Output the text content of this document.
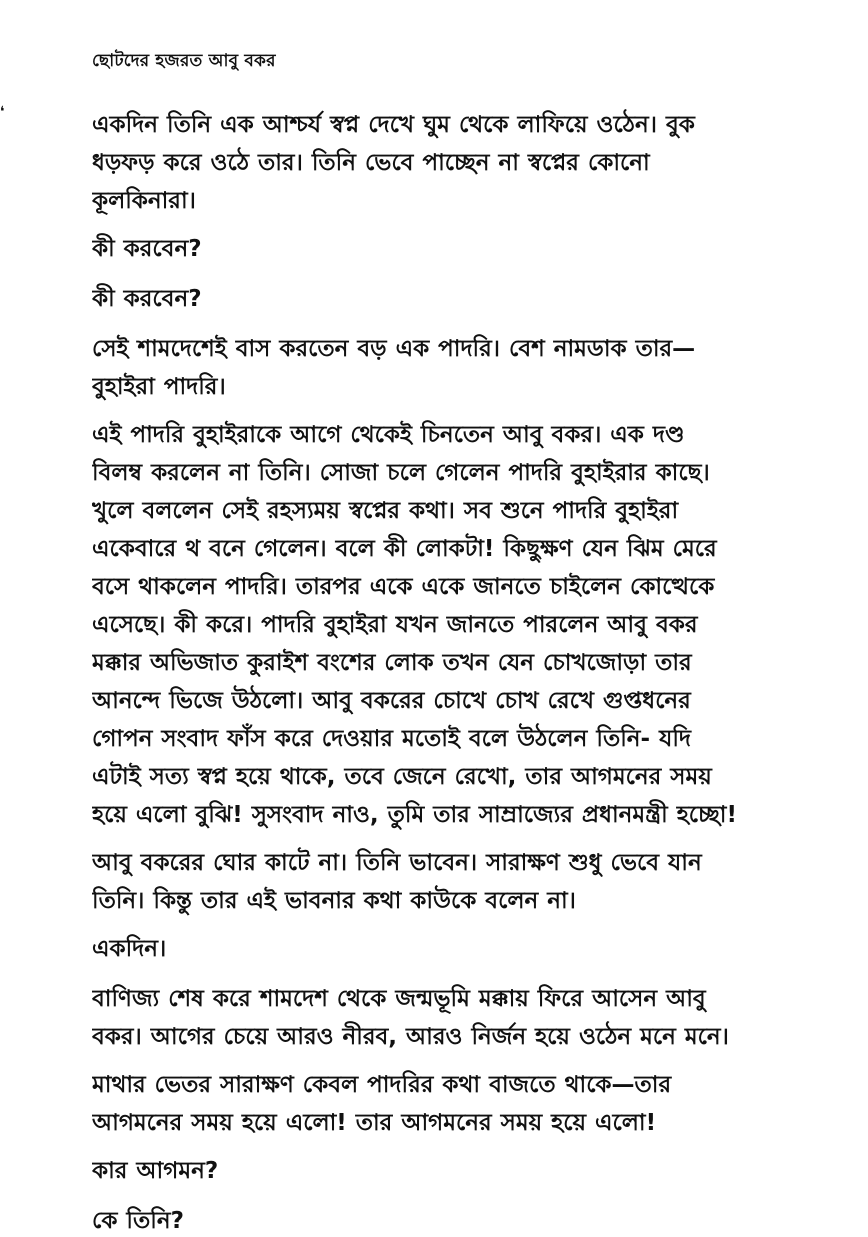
ছোটদের হজরত আবু বকর
❛	একদিন তিনি এক আশ্চর্য স্বপ্ন দেখে ঘুম থেকে লাফিয়ে ওঠেন। বুক
ধড়ফড় করে ওঠে তার। তিনি ভেবে পাচ্ছেন না স্বপ্নের কোনো
কূলকিনারা।

কী করবেন?

কী করবেন?

সেই শামদেশেই বাস করতেন বড় এক পাদরি। বেশ নামডাক তার—
বুহাইরা পাদরি।

এই পাদরি বুহাইরাকে আগে থেকেই চিনতেন আবু বকর। এক দণ্ড
বিলম্ব করলেন না তিনি। সোজা চলে গেলেন পাদরি বুহাইরার কাছে।
খুলে বললেন সেই রহস্যময় স্বপ্নের কথা। সব শুনে পাদরি বুহাইরা
একেবারে থ বনে গেলেন। বলে কী লোকটা! কিছুক্ষণ যেন ঝিম মেরে
বসে থাকলেন পাদরি। তারপর একে একে জানতে চাইলেন কোত্থেকে
এসেছে। কী করে। পাদরি বুহাইরা যখন জানতে পারলেন আবু বকর
মক্কার অভিজাত কুরাইশ বংশের লোক তখন যেন চোখজোড়া তার
আনন্দে ভিজে উঠলো। আবু বকরের চোখে চোখ রেখে গুপ্তধনের
গোপন সংবাদ ফাঁস করে দেওয়ার মতোই বলে উঠলেন তিনি- যদি
এটাই সত্য স্বপ্ন হয়ে থাকে, তবে জেনে রেখো, তার আগমনের সময়
হয়ে এলো বুঝি! সুসংবাদ নাও, তুমি তার সাম্রাজ্যের প্রধানমন্ত্রী হচ্ছো!

আবু বকরের ঘোর কাটে না। তিনি ভাবেন। সারাক্ষণ শুধু ভেবে যান
তিনি। কিন্তু তার এই ভাবনার কথা কাউকে বলেন না।

একদিন।

বাণিজ্য শেষ করে শামদেশ থেকে জন্মভূমি মক্কায় ফিরে আসেন আবু
বকর। আগের চেয়ে আরও নীরব, আরও নির্জন হয়ে ওঠেন মনে মনে।

মাথার ভেতর সারাক্ষণ কেবল পাদরির কথা বাজতে থাকে—তার
আগমনের সময় হয়ে এলো! তার আগমনের সময় হয়ে এলো!

কার আগমন?

কে তিনি?
